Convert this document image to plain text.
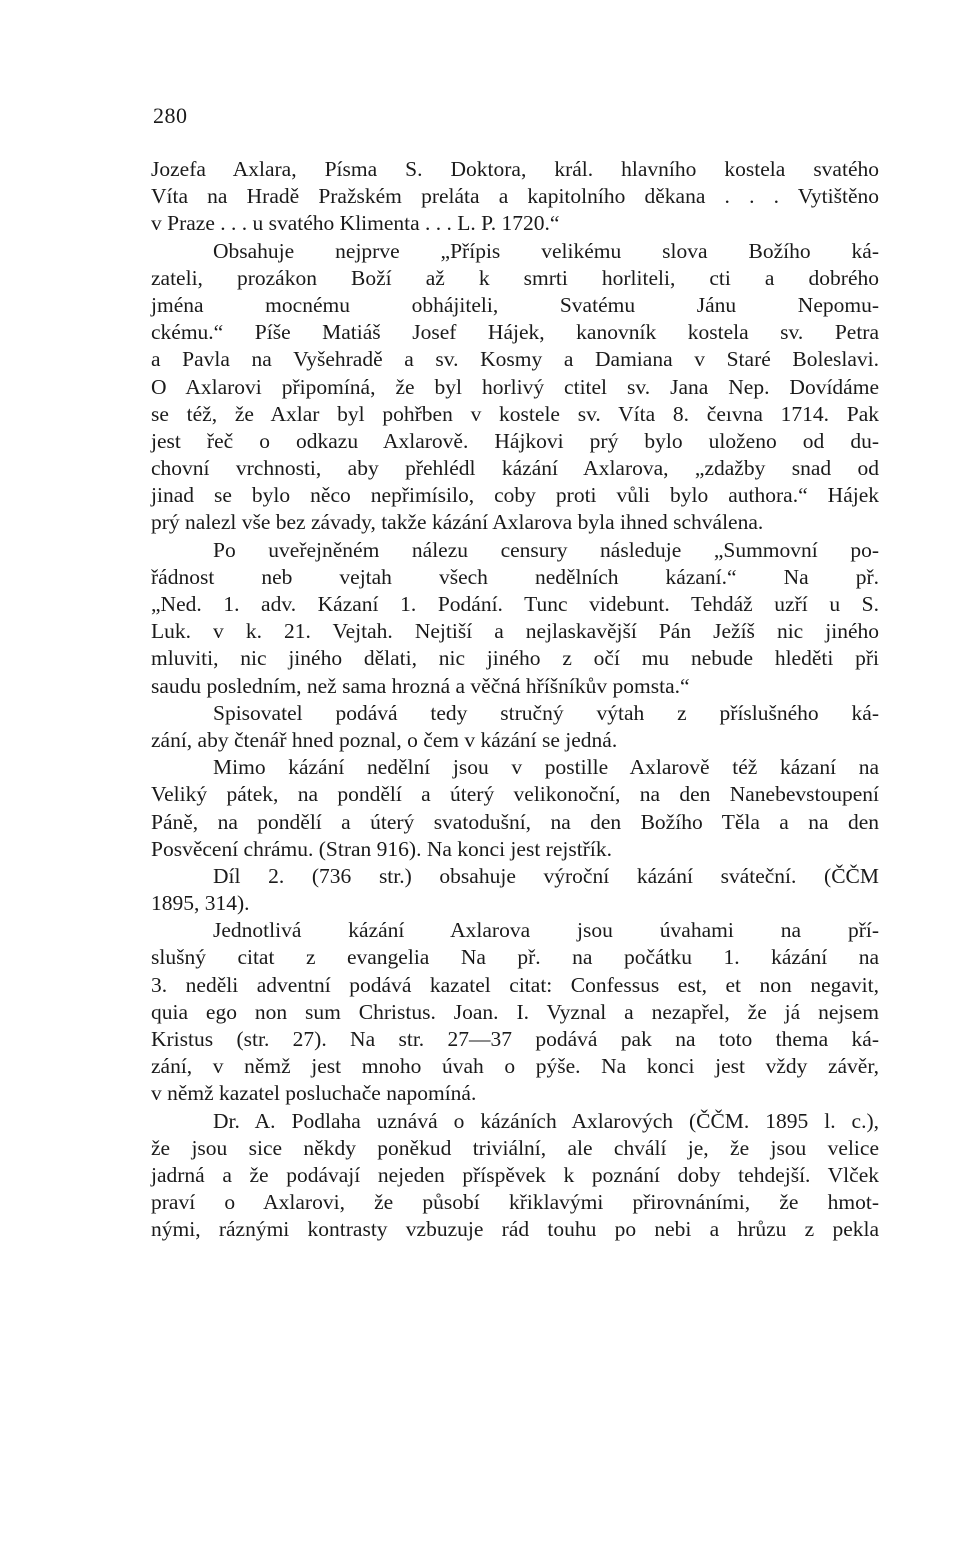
280
Jozefa Axlara, Písma S. Doktora, král. hlavního kostela svatého
Víta na Hradě Pražském preláta a kapitolního děkana . . . Vytištěno
v Praze . . . u svatého Klimenta . . . L. P. 1720.“
Obsahuje nejprve „Přípis velikému slova Božího ká-
zateli, prozákon Boží až k smrti horliteli, cti a dobrého
jména mocnému obhájiteli, Svatému Jánu Nepomu-
ckému.“ Píše Matiáš Josef Hájek, kanovník kostela sv. Petra
a Pavla na Vyšehradě a sv. Kosmy a Damiana v Staré Boleslavi.
O Axlarovi připomíná, že byl horlivý ctitel sv. Jana Nep. Dovídáme
se též, že Axlar byl pohřben v kostele sv. Víta 8. čeıvna 1714. Pak
jest řeč o odkazu Axlarově. Hájkovi prý bylo uloženo od du-
chovní vrchnosti, aby přehlédl kázání Axlarova, „zdažby snad od
jinad se bylo něco nepřimísilo, coby proti vůli bylo authora.“ Hájek
prý nalezl vše bez závady, takže kázání Axlarova byla ihned schválena.
Po uveřejněném nálezu censury následuje „Summovní po-
řádnost neb vejtah všech nedělních kázaní.“ Na př.
„Ned. 1. adv. Kázaní 1. Podání. Tunc videbunt. Tehdáž uzří u S.
Luk. v k. 21. Vejtah. Nejtiší a nejlaskavější Pán Ježíš nic jiného
mluviti, nic jiného dělati, nic jiného z očí mu nebude hleděti při
saudu posledním, než sama hrozná a věčná hříšníkův pomsta.“
Spisovatel podává tedy stručný výtah z příslušného ká-
zání, aby čtenář hned poznal, o čem v kázání se jedná.
Mimo kázání nedělní jsou v postille Axlarově též kázaní na
Veliký pátek, na pondělí a úterý velikonoční, na den Nanebevstoupení
Páně, na pondělí a úterý svatodušní, na den Božího Těla a na den
Posvěcení chrámu. (Stran 916). Na konci jest rejstřík.
Díl 2. (736 str.) obsahuje výroční kázání sváteční. (ČČM
1895, 314).
Jednotlivá kázání Axlarova jsou úvahami na pří-
slušný citat z evangelia Na př. na počátku 1. kázání na
3. neděli adventní podává kazatel citat: Confessus est, et non negavit,
quia ego non sum Christus. Joan. I. Vyznal a nezapřel, že já nejsem
Kristus (str. 27). Na str. 27—37 podává pak na toto thema ká-
zání, v němž jest mnoho úvah o pýše. Na konci jest vždy závěr,
v němž kazatel posluchače napomíná.
Dr. A. Podlaha uznává o kázáních Axlarových (ČČM. 1895 l. c.),
že jsou sice někdy poněkud triviální, ale chválí je, že jsou velice
jadrná a že podávají nejeden příspěvek k poznání doby tehdejší. Vlček
praví o Axlarovi, že působí křiklavými přirovnáními, že hmot-
nými, ráznými kontrasty vzbuzuje rád touhu po nebi a hrůzu z pekla
